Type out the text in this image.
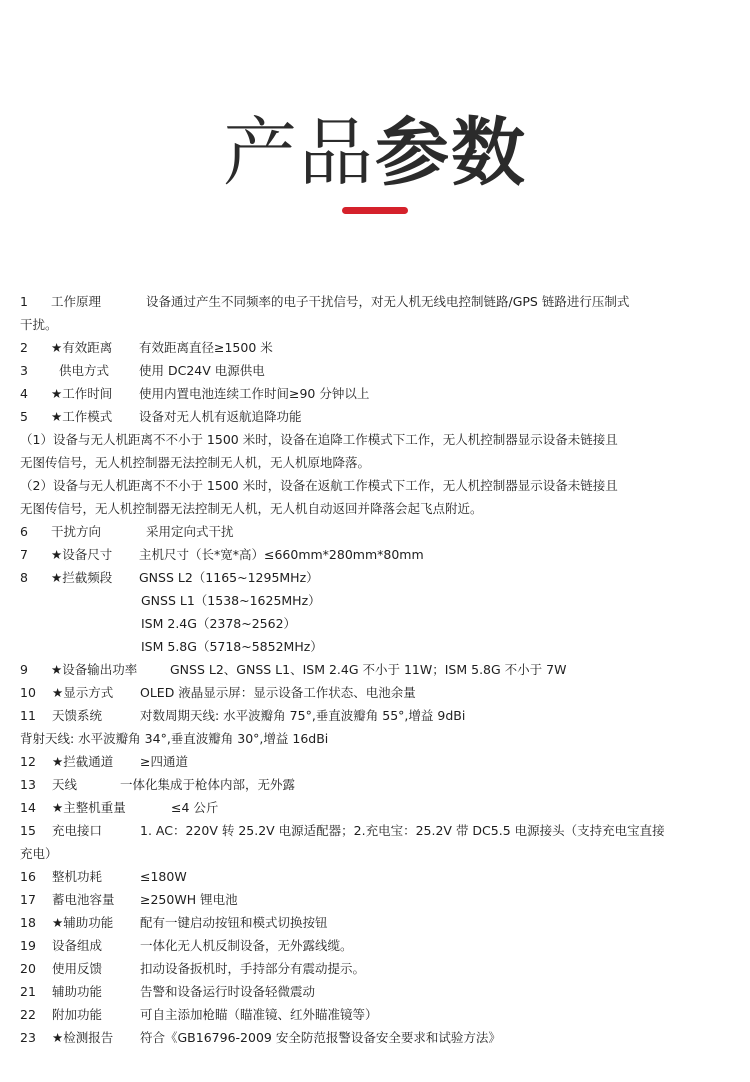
产品参数
1 工作原理	设备通过产生不同频率的电子干扰信号，对无人机无线电控制链路/GPS 链路进行压制式
干扰。
2 ★有效距离 有效距离直径≥1500 米
3  供电方式 使用 DC24V 电源供电
4 ★工作时间 使用内置电池连续工作时间≥90 分钟以上
5 ★工作模式 设备对无人机有返航追降功能
（1）设备与无人机距离不不小于 1500 米时，设备在追降工作模式下工作，无人机控制器显示设备未链接且
无图传信号，无人机控制器无法控制无人机，无人机原地降落。
（2）设备与无人机距离不不小于 1500 米时，设备在返航工作模式下工作，无人机控制器显示设备未链接且
无图传信号，无人机控制器无法控制无人机，无人机自动返回并降落会起飞点附近。
6 干扰方向	采用定向式干扰
7 ★设备尺寸 主机尺寸（长*宽*高）≤660mm*280mm*80mm
8 ★拦截频段 GNSS L2（1165~1295MHz）
GNSS L1（1538~1625MHz）
ISM 2.4G（2378~2562）
ISM 5.8G（5718~5852MHz）
9 ★设备输出功率	GNSS L2、GNSS L1、ISM 2.4G 不小于 11W；ISM 5.8G 不小于 7W
10 ★显示方式 OLED 液晶显示屏：显示设备工作状态、电池余量
11 天馈系统	对数周期天线: 水平波瓣角 75°,垂直波瓣角 55°,增益 9dBi
背射天线: 水平波瓣角 34°,垂直波瓣角 30°,增益 16dBi
12 ★拦截通道 ≥四通道
13 天线	一体化集成于枪体内部，无外露
14 ★主整机重量	≤4 公斤
15 充电接口	1. AC：220V 转 25.2V 电源适配器；2.充电宝：25.2V 带 DC5.5 电源接头（支持充电宝直接
充电）
16 整机功耗	≤180W
17 蓄电池容量 ≥250WH 锂电池
18 ★辅助功能 配有一键启动按钮和模式切换按钮
19 设备组成	一体化无人机反制设备，无外露线缆。
20 使用反馈	扣动设备扳机时，手持部分有震动提示。
21 辅助功能	告警和设备运行时设备轻微震动
22 附加功能	可自主添加枪瞄（瞄准镜、红外瞄准镜等）
23 ★检测报告 符合《GB16796-2009 安全防范报警设备安全要求和试验方法》
